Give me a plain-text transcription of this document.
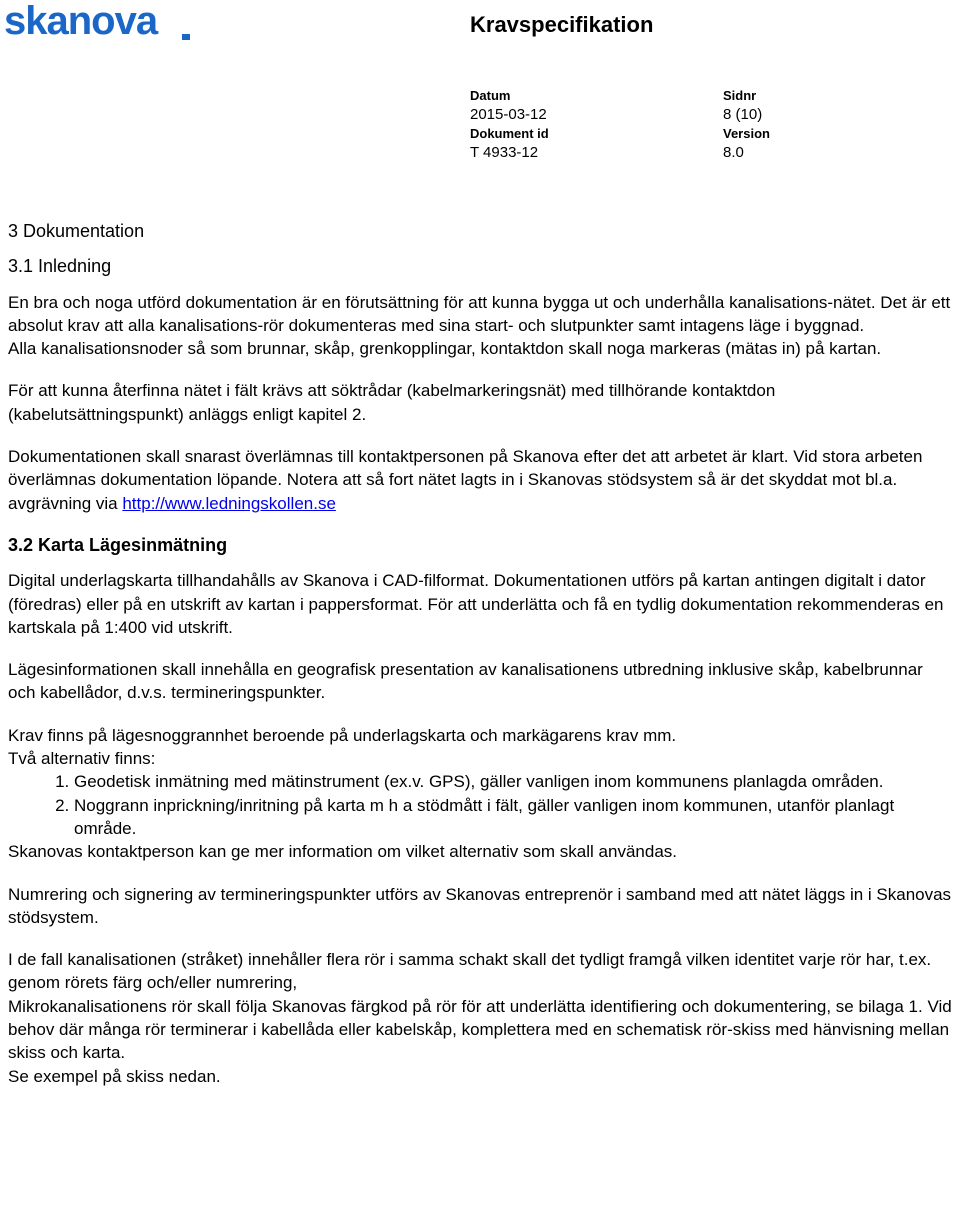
skanova	Kravspecifikation
Datum
2015-03-12
Dokument id
T 4933-12
Sidnr
8 (10)
Version
8.0
3 Dokumentation
3.1 Inledning

En bra och noga utförd dokumentation är en förutsättning för att kunna bygga ut och underhålla kanalisations-nätet. Det är ett absolut krav att alla kanalisations-rör dokumenteras med sina start- och slutpunkter samt intagens läge i byggnad.

Alla kanalisationsnoder så som brunnar, skåp, grenkopplingar, kontaktdon skall noga markeras (mätas in) på kartan.

För att kunna återfinna nätet i fält krävs att söktrådar (kabelmarkeringsnät) med tillhörande kontaktdon (kabelutsättningspunkt) anläggs enligt kapitel 2.

Dokumentationen skall snarast överlämnas till kontaktpersonen på Skanova efter det att arbetet är klart. Vid stora arbeten överlämnas dokumentation löpande. Notera att så fort nätet lagts in i Skanovas stödsystem så är det skyddat mot bl.a. avgrävning via http://www.ledningskollen.se

3.2 Karta Lägesinmätning

Digital underlagskarta tillhandahålls av Skanova i CAD-filformat. Dokumentationen utförs på kartan antingen digitalt i dator (föredras) eller på en utskrift av kartan i pappersformat. För att underlätta och få en tydlig dokumentation rekommenderas en kartskala på 1:400 vid utskrift.

Lägesinformationen skall innehålla en geografisk presentation av kanalisationens utbredning inklusive skåp, kabelbrunnar och kabellådor, d.v.s. termineringspunkter.

Krav finns på lägesnoggrannhet beroende på underlagskarta och markägarens krav mm.

Två alternativ finns:

1. Geodetisk inmätning med mätinstrument (ex.v. GPS), gäller vanligen inom kommunens planlagda områden.
2. Noggrann inprickning/inritning på karta m h a stödmått i fält, gäller vanligen inom kommunen, utanför planlagt område.

Skanovas kontaktperson kan ge mer information om vilket alternativ som skall användas.

Numrering och signering av termineringspunkter utförs av Skanovas entreprenör i samband med att nätet läggs in i Skanovas stödsystem.

I de fall kanalisationen (stråket) innehåller flera rör i samma schakt skall det tydligt framgå vilken identitet varje rör har, t.ex. genom rörets färg och/eller numrering,

Mikrokanalisationens rör skall följa Skanovas färgkod på rör för att underlätta identifiering och dokumentering, se bilaga 1. Vid behov där många rör terminerar i kabellåda eller kabelskåp, komplettera med en schematisk rör-skiss med hänvisning mellan skiss och karta.

Se exempel på skiss nedan.
